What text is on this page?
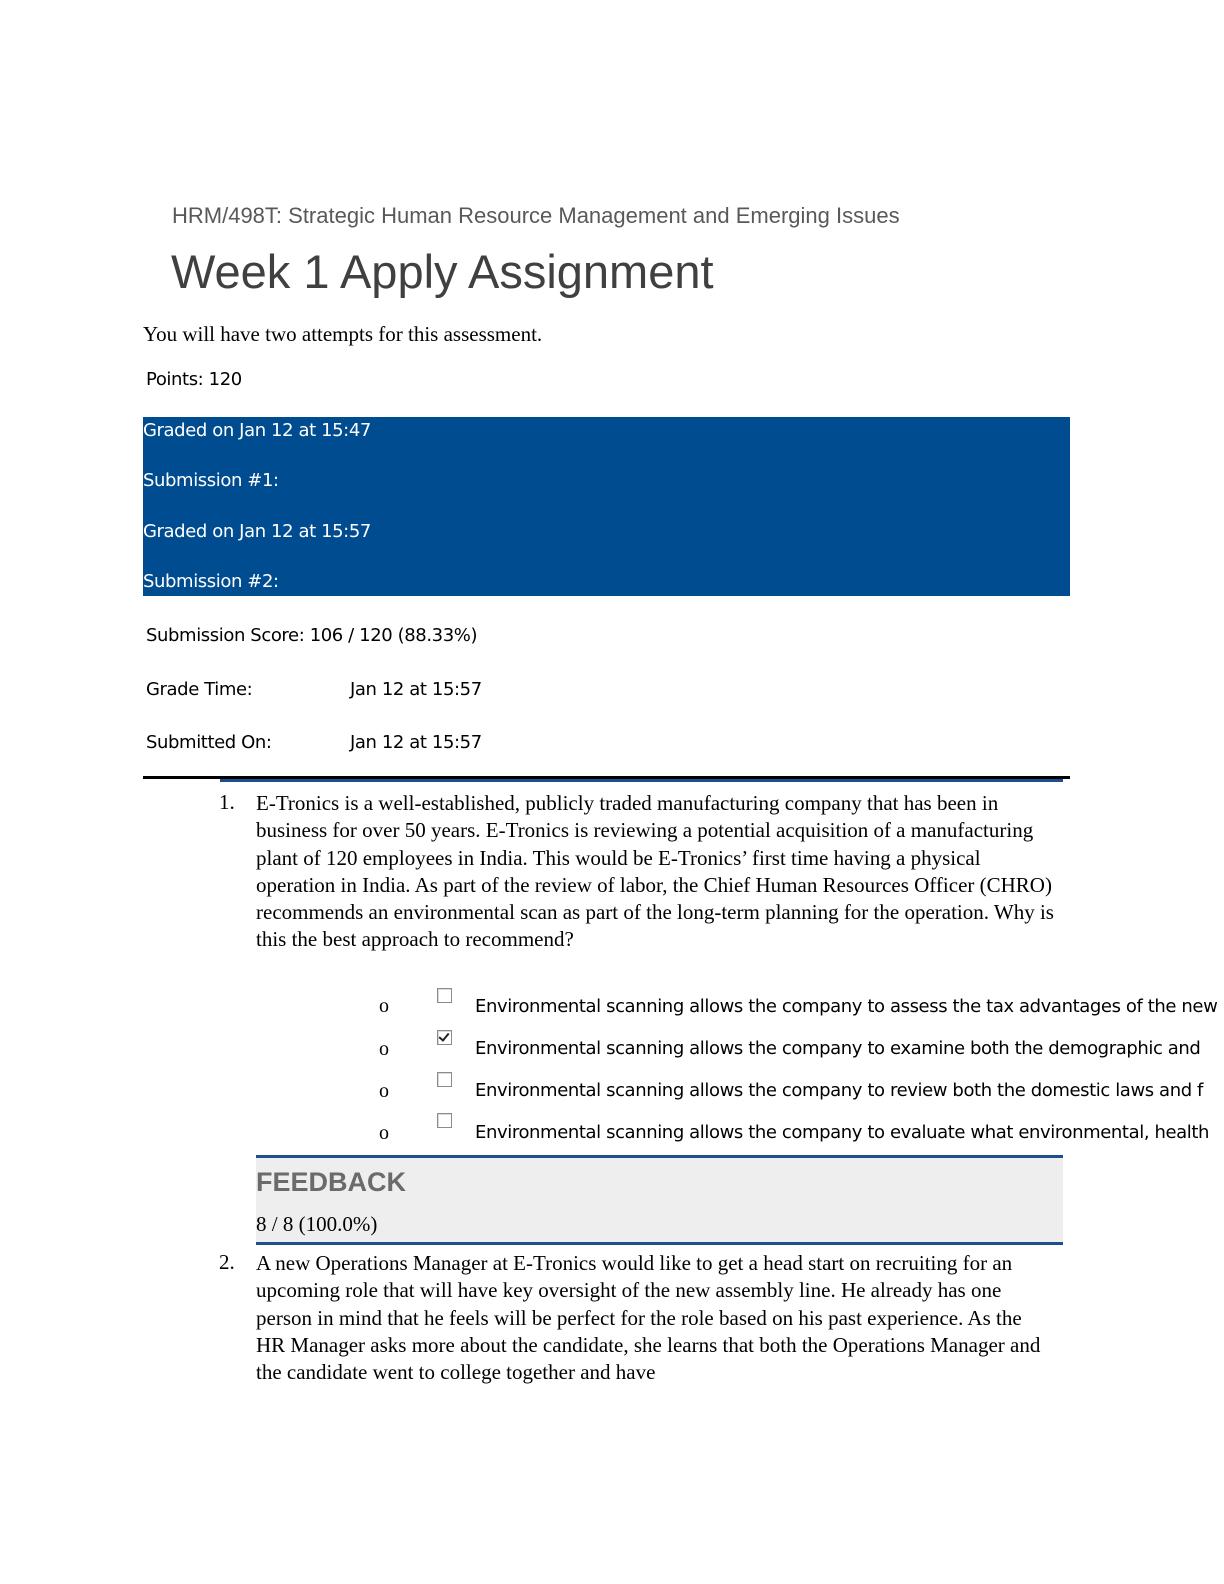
HRM/498T: Strategic Human Resource Management and Emerging Issues
Week 1 Apply Assignment
You will have two attempts for this assessment.
Points: 120
Graded on Jan 12 at 15:47
Submission #1:
Graded on Jan 12 at 15:57
Submission #2:
Submission Score: 106 / 120 (88.33%)
Grade Time:	Jan 12 at 15:57
Submitted On:	Jan 12 at 15:57
1. E-Tronics is a well-established, publicly traded manufacturing company that has been in business for over 50 years. E-Tronics is reviewing a potential acquisition of a manufacturing plant of 120 employees in India. This would be E-Tronics’ first time having a physical operation in India. As part of the review of labor, the Chief Human Resources Officer (CHRO) recommends an environmental scan as part of the long-term planning for the operation. Why is this the best approach to recommend?
o	Environmental scanning allows the company to assess the tax advantages of the new
o	Environmental scanning allows the company to examine both the demographic and
o	Environmental scanning allows the company to review both the domestic laws and f
o	Environmental scanning allows the company to evaluate what environmental, health
FEEDBACK
8 / 8 (100.0%)
2. A new Operations Manager at E-Tronics would like to get a head start on recruiting for an upcoming role that will have key oversight of the new assembly line. He already has one person in mind that he feels will be perfect for the role based on his past experience. As the HR Manager asks more about the candidate, she learns that both the Operations Manager and the candidate went to college together and have
